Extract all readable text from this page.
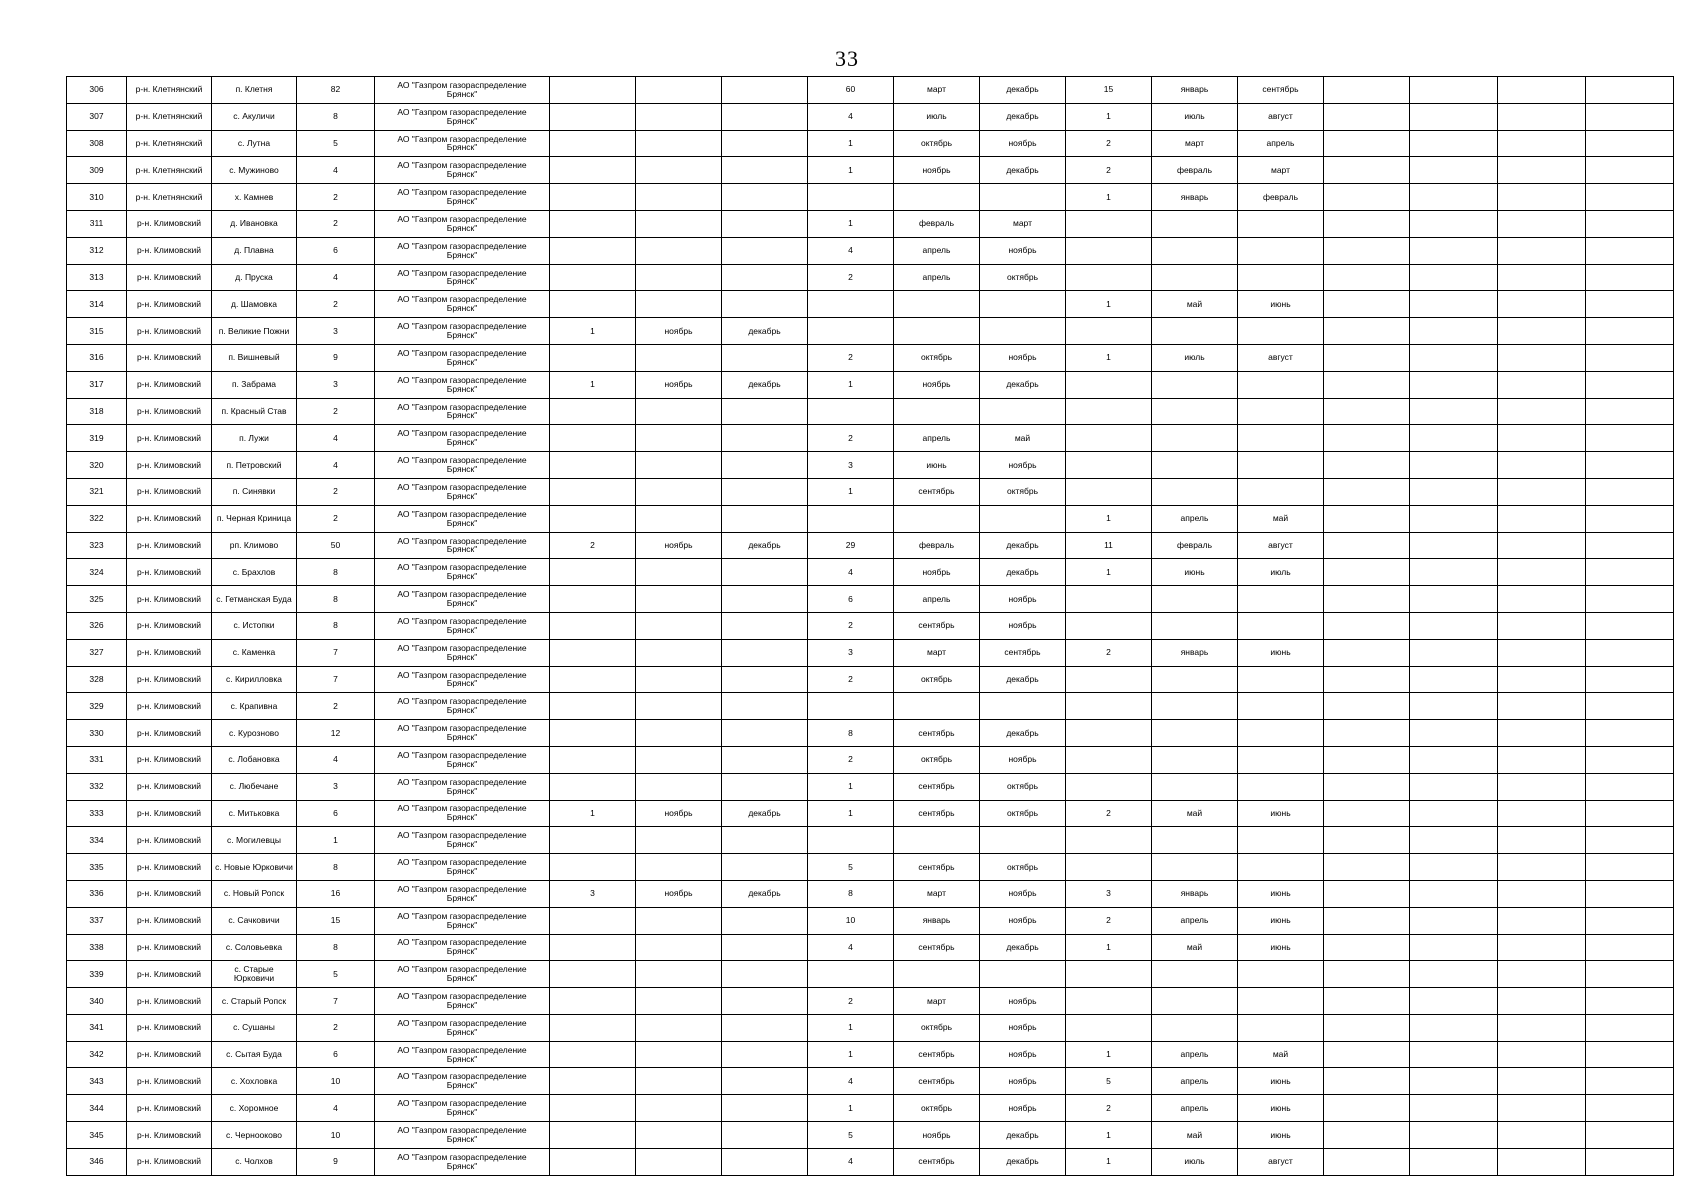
33
306	р-н. Клетнянский	п. Клетня	82	АО "Газпром газораспределение
Брянск"				60	март	декабрь	15	январь	сентябрь					
307	р-н. Клетнянский	с. Акуличи	8	АО "Газпром газораспределение
Брянск"				4	июль	декабрь	1	июль	август					
308	р-н. Клетнянский	с. Лутна	5	АО "Газпром газораспределение
Брянск"				1	октябрь	ноябрь	2	март	апрель					
309	р-н. Клетнянский	с. Мужиново	4	АО "Газпром газораспределение
Брянск"				1	ноябрь	декабрь	2	февраль	март					
310	р-н. Клетнянский	х. Камнев	2	АО "Газпром газораспределение
Брянск"							1	январь	февраль					
311	р-н. Климовский	д. Ивановка	2	АО "Газпром газораспределение
Брянск"				1	февраль	март								
312	р-н. Климовский	д. Плавна	6	АО "Газпром газораспределение
Брянск"				4	апрель	ноябрь								
313	р-н. Климовский	д. Пруска	4	АО "Газпром газораспределение
Брянск"				2	апрель	октябрь								
314	р-н. Климовский	д. Шамовка	2	АО "Газпром газораспределение
Брянск"							1	май	июнь					
315	р-н. Климовский	п. Великие Пожни	3	АО "Газпром газораспределение
Брянск"	1	ноябрь	декабрь											
316	р-н. Климовский	п. Вишневый	9	АО "Газпром газораспределение
Брянск"				2	октябрь	ноябрь	1	июль	август					
317	р-н. Климовский	п. Забрама	3	АО "Газпром газораспределение
Брянск"	1	ноябрь	декабрь	1	ноябрь	декабрь								
318	р-н. Климовский	п. Красный Став	2	АО "Газпром газораспределение
Брянск"														

319	р-н. Климовский	п. Лужи	4	АО "Газпром газораспределение
Брянск"				2	апрель	май								
320	р-н. Климовский	п. Петровский	4	АО "Газпром газораспределение
Брянск"				3	июнь	ноябрь								
321	р-н. Климовский	п. Синявки	2	АО "Газпром газораспределение
Брянск"				1	сентябрь	октябрь								
322	р-н. Климовский	п. Черная Криница	2	АО "Газпром газораспределение
Брянск"							1	апрель	май					
323	р-н. Климовский	рп. Климово	50	АО "Газпром газораспределение
Брянск"	2	ноябрь	декабрь	29	февраль	декабрь	11	февраль	август					
324	р-н. Климовский	с. Брахлов	8	АО "Газпром газораспределение
Брянск"				4	ноябрь	декабрь	1	июнь	июль					
325	р-н. Климовский	с. Гетманская Буда	8	АО "Газпром газораспределение
Брянск"				6	апрель	ноябрь								
326	р-н. Климовский	с. Истопки	8	АО "Газпром газораспределение
Брянск"				2	сентябрь	ноябрь								
327	р-н. Климовский	с. Каменка	7	АО "Газпром газораспределение
Брянск"				3	март	сентябрь	2	январь	июнь					
328	р-н. Климовский	с. Кирилловка	7	АО "Газпром газораспределение
Брянск"				2	октябрь	декабрь								
329	р-н. Климовский	с. Крапивна	2	АО "Газпром газораспределение
Брянск"														

330	р-н. Климовский	с. Курозново	12	АО "Газпром газораспределение
Брянск"				8	сентябрь	декабрь								
331	р-н. Климовский	с. Лобановка	4	АО "Газпром газораспределение
Брянск"				2	октябрь	ноябрь								
332	р-н. Климовский	с. Любечане	3	АО "Газпром газораспределение
Брянск"				1	сентябрь	октябрь								
333	р-н. Климовский	с. Митьковка	6	АО "Газпром газораспределение
Брянск"	1	ноябрь	декабрь	1	сентябрь	октябрь	2	май	июнь					
334	р-н. Климовский	с. Могилевцы	1	АО "Газпром газораспределение
Брянск"														

335	р-н. Климовский	с. Новые Юрковичи	8	АО "Газпром газораспределение
Брянск"				5	сентябрь	октябрь								
336	р-н. Климовский	с. Новый Ропск	16	АО "Газпром газораспределение
Брянск"	3	ноябрь	декабрь	8	март	ноябрь	3	январь	июнь					
337	р-н. Климовский	с. Сачковичи	15	АО "Газпром газораспределение
Брянск"				10	январь	ноябрь	2	апрель	июнь					
338	р-н. Климовский	с. Соловьевка	8	АО "Газпром газораспределение
Брянск"				4	сентябрь	декабрь	1	май	июнь					
339	р-н. Климовский	с. Старые Юрковичи	5	АО "Газпром газораспределение
Брянск"														

340	р-н. Климовский	с. Старый Ропск	7	АО "Газпром газораспределение
Брянск"				2	март	ноябрь								
341	р-н. Климовский	с. Сушаны	2	АО "Газпром газораспределение
Брянск"				1	октябрь	ноябрь								
342	р-н. Климовский	с. Сытая Буда	6	АО "Газпром газораспределение
Брянск"				1	сентябрь	ноябрь	1	апрель	май					
343	р-н. Климовский	с. Хохловка	10	АО "Газпром газораспределение
Брянск"				4	сентябрь	ноябрь	5	апрель	июнь					
344	р-н. Климовский	с. Хоромное	4	АО "Газпром газораспределение
Брянск"				1	октябрь	ноябрь	2	апрель	июнь					
345	р-н. Климовский	с. Чернооково	10	АО "Газпром газораспределение
Брянск"				5	ноябрь	декабрь	1	май	июнь					
346	р-н. Климовский	с. Чолхов	9	АО "Газпром газораспределение
Брянск"				4	сентябрь	декабрь	1	июль	август					
